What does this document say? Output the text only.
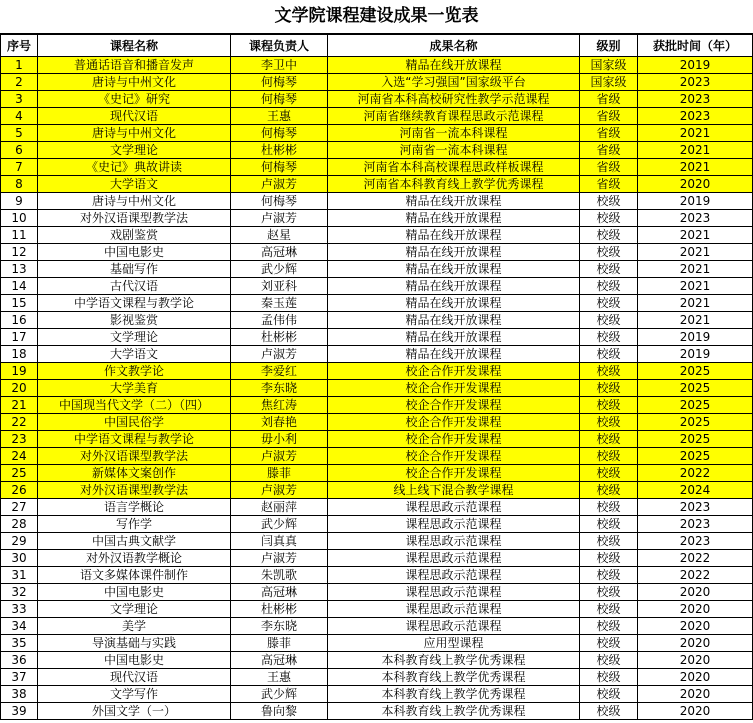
文学院课程建设成果一览表
序号	课程名称	课程负责人	成果名称	级别	获批时间（年）
1	普通话语音和播音发声	李卫中	精品在线开放课程	国家级	2019
2	唐诗与中州文化	何梅琴	入选“学习强国”国家级平台	国家级	2023
3	《史记》研究	何梅琴	河南省本科高校研究性教学示范课程	省级	2023
4	现代汉语	王惠	河南省继续教育课程思政示范课程	省级	2023
5	唐诗与中州文化	何梅琴	河南省一流本科课程	省级	2021
6	文学理论	杜彬彬	河南省一流本科课程	省级	2021
7	《史记》典故讲读	何梅琴	河南省本科高校课程思政样板课程	省级	2021
8	大学语文	卢淑芳	河南省本科教育线上教学优秀课程	省级	2020
9	唐诗与中州文化	何梅琴	精品在线开放课程	校级	2019
10	对外汉语课型教学法	卢淑芳	精品在线开放课程	校级	2023
11	戏剧鉴赏	赵星	精品在线开放课程	校级	2021
12	中国电影史	高冠琳	精品在线开放课程	校级	2021
13	基础写作	武少辉	精品在线开放课程	校级	2021
14	古代汉语	刘亚科	精品在线开放课程	校级	2021
15	中学语文课程与教学论	秦玉莲	精品在线开放课程	校级	2021
16	影视鉴赏	孟伟伟	精品在线开放课程	校级	2021
17	文学理论	杜彬彬	精品在线开放课程	校级	2019
18	大学语文	卢淑芳	精品在线开放课程	校级	2019
19	作文教学论	李爱红	校企合作开发课程	校级	2025
20	大学美育	李东晓	校企合作开发课程	校级	2025
21	中国现当代文学（二）（四）	焦红涛	校企合作开发课程	校级	2025
22	中国民俗学	刘春艳	校企合作开发课程	校级	2025
23	中学语文课程与教学论	毋小利	校企合作开发课程	校级	2025
24	对外汉语课型教学法	卢淑芳	校企合作开发课程	校级	2025
25	新媒体文案创作	滕菲	校企合作开发课程	校级	2022
26	对外汉语课型教学法	卢淑芳	线上线下混合教学课程	校级	2024
27	语言学概论	赵丽萍	课程思政示范课程	校级	2023
28	写作学	武少辉	课程思政示范课程	校级	2023
29	中国古典文献学	闫真真	课程思政示范课程	校级	2023
30	对外汉语教学概论	卢淑芳	课程思政示范课程	校级	2022
31	语文多媒体课件制作	朱凯歌	课程思政示范课程	校级	2022
32	中国电影史	高冠琳	课程思政示范课程	校级	2020
33	文学理论	杜彬彬	课程思政示范课程	校级	2020
34	美学	李东晓	课程思政示范课程	校级	2020
35	导演基础与实践	滕菲	应用型课程	校级	2020
36	中国电影史	高冠琳	本科教育线上教学优秀课程	校级	2020
37	现代汉语	王惠	本科教育线上教学优秀课程	校级	2020
38	文学写作	武少辉	本科教育线上教学优秀课程	校级	2020
39	外国文学（一）	鲁向黎	本科教育线上教学优秀课程	校级	2020
